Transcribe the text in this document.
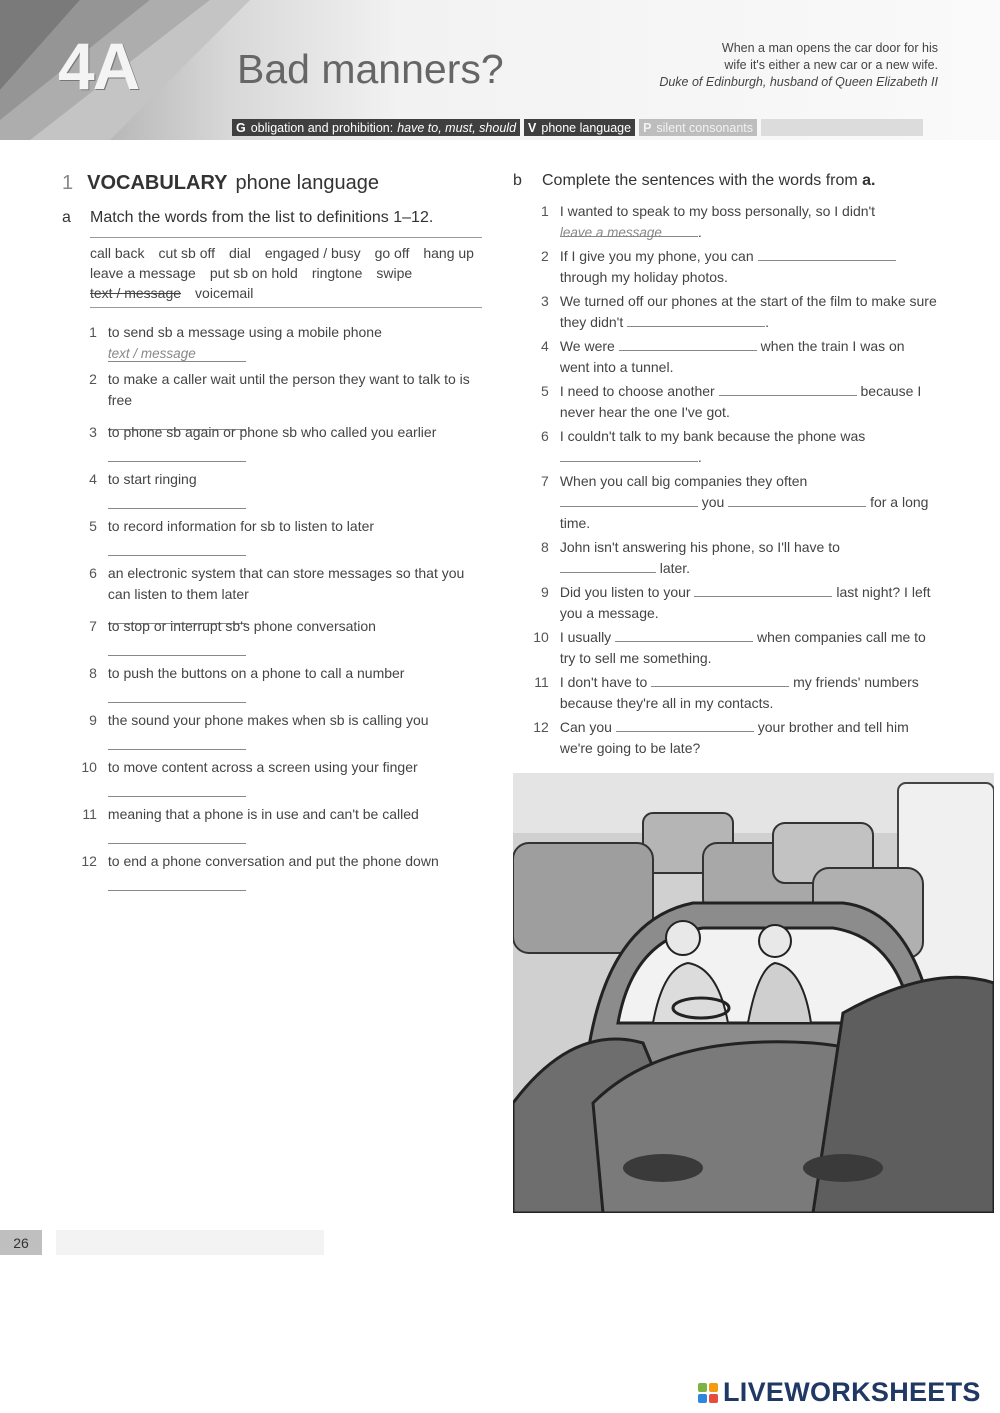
4A Bad manners?	When a man opens the car door for his
wife it's either a new car or a new wife.
Duke of Edinburgh, husband of Queen Elizabeth II
G obligation and prohibition: have to, must, should V phone language P silent consonants
1 VOCABULARY phone language
a	Match the words from the list to definitions 1–12.
call back cut sb off dial engaged / busy go off hang up
leave a message put sb on hold ringtone swipe
text / message voicemail
1 to send sb a message using a mobile phone
text / message
2 to make a caller wait until the person they want to talk to is free
3 to phone sb again or phone sb who called you earlier
4 to start ringing
5 to record information for sb to listen to later
6 an electronic system that can store messages so that you can listen to them later
7 to stop or interrupt sb's phone conversation
8 to push the buttons on a phone to call a number
9 the sound your phone makes when sb is calling you
10 to move content across a screen using your finger
11 meaning that a phone is in use and can't be called
12 to end a phone conversation and put the phone down
b	Complete the sentences with the words from a.
1 I wanted to speak to my boss personally, so I didn't
leave a message	.
2 If I give you my phone, you can  through my holiday photos.
3 We turned off our phones at the start of the film to make sure they didn't	.
4 We were	when the train I was on went into a tunnel.
5 I need to choose another	because I never hear the one I've got.
6 I couldn't talk to my bank because the phone was .
7 When you call big companies they often
you	for a long time.
8 John isn't answering his phone, so I'll have to
later.
9 Did you listen to your	last night? I left you a message.
10 I usually	when companies call me to try to sell me something.
11 I don't have to	my friends' numbers because they're all in my contacts.
12 Can you	your brother and tell him we're going to be late?
26
LIVEWORKSHEETS
